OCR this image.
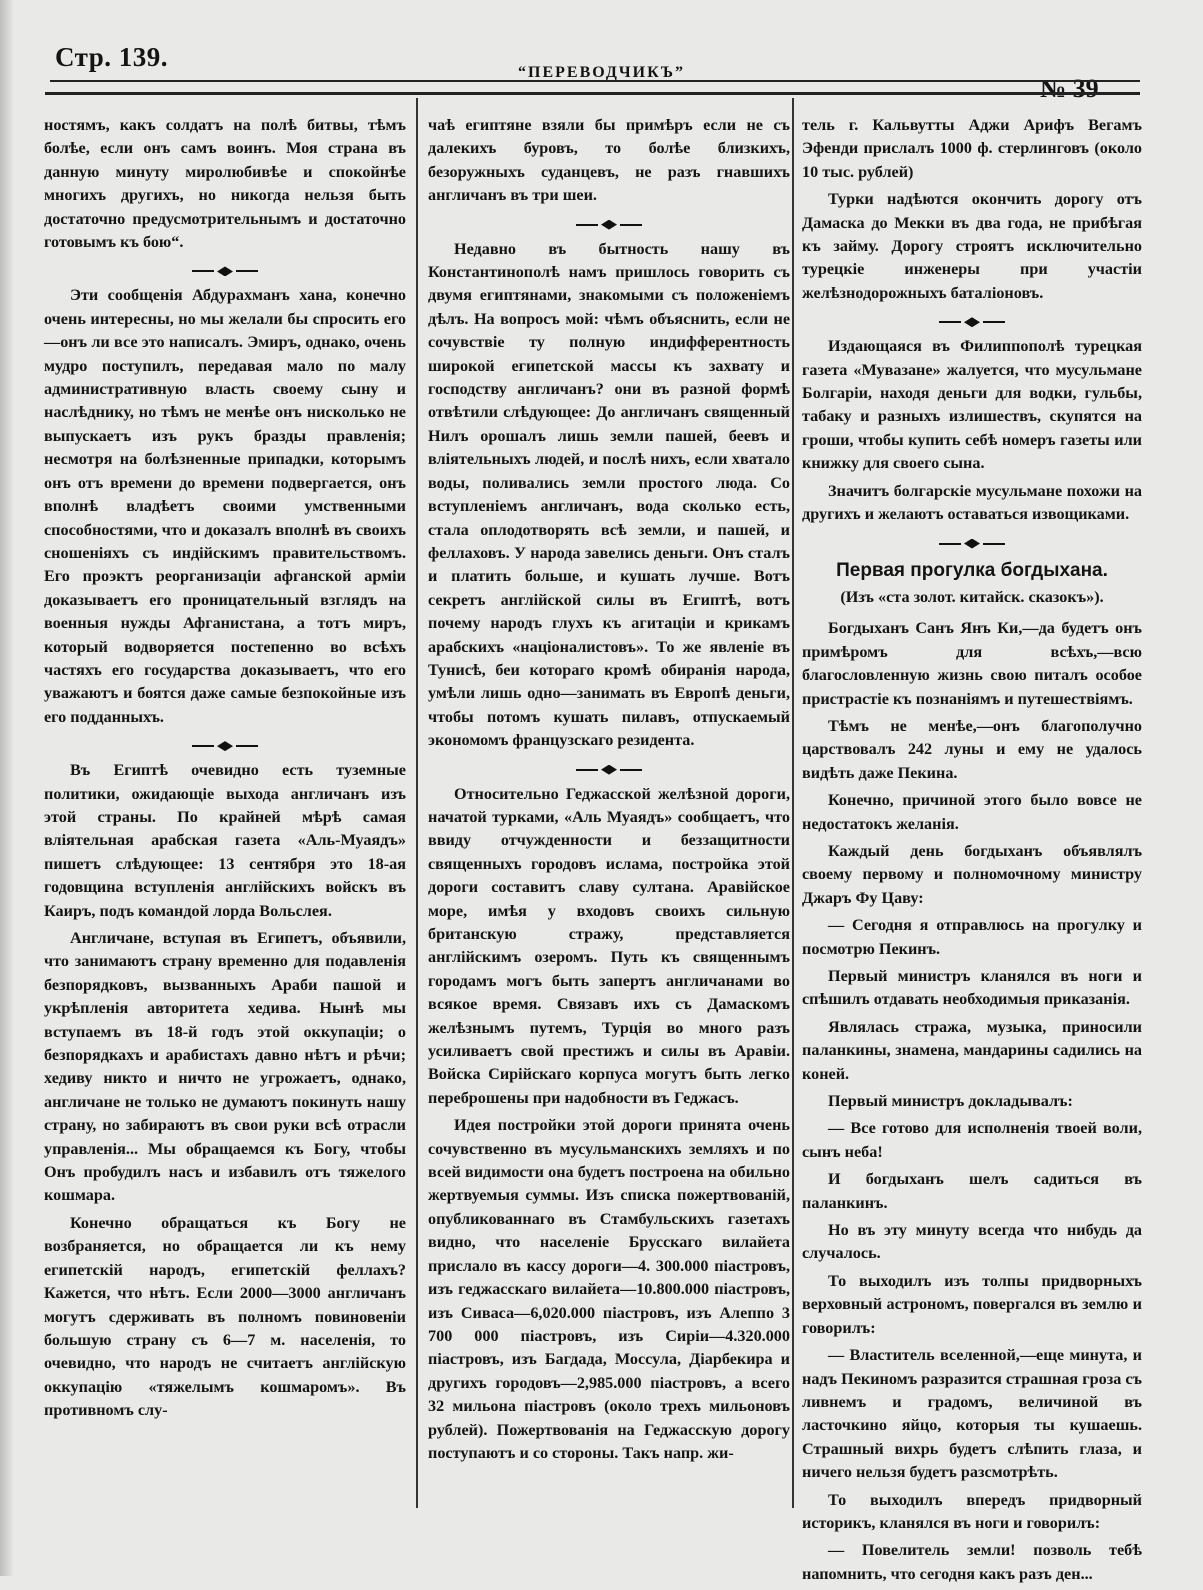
Стр. 139.
“ПЕРЕВОДЧИКЪ”
№ 39

ностямъ, какъ солдатъ на полѣ битвы, тѣмъ болѣе, если онъ самъ воинъ. Моя страна въ данную минуту миролюбивѣе и спокойнѣе многихъ другихъ, но никогда нельзя быть достаточно предусмотрительнымъ и достаточно готовымъ къ бою“.

Эти сообщенія Абдурахманъ хана, конечно очень интересны, но мы желали бы спросить его—онъ ли все это написалъ. Эмиръ, однако, очень мудро поступилъ, передавая мало по малу административную власть своему сыну и наслѣднику, но тѣмъ не менѣе онъ нисколько не выпускаетъ изъ рукъ бразды правленія; несмотря на болѣзненные припадки, которымъ онъ отъ времени до времени подвергается, онъ вполнѣ владѣетъ своими умственными способностями, что и доказалъ вполнѣ въ своихъ сношеніяхъ съ индійскимъ правительствомъ. Его проэктъ реорганизаціи афганской арміи доказываетъ его проницательный взглядъ на военныя нужды Афганистана, а тотъ миръ, который водворяется постепенно во всѣхъ частяхъ его государства доказываетъ, что его уважаютъ и боятся даже самые безпокойные изъ его подданныхъ.

Въ Египтѣ очевидно есть туземные политики, ожидающіе выхода англичанъ изъ этой страны. По крайней мѣрѣ самая вліятельная арабская газета «Аль-Муаядъ» пишетъ слѣдующее: 13 сентября это 18-ая годовщина вступленія англійскихъ войскъ въ Каиръ, подъ командой лорда Вольслея.

Англичане, вступая въ Египетъ, объявили, что занимаютъ страну временно для подавленія безпорядковъ, вызванныхъ Араби пашой и укрѣпленія авторитета хедива. Нынѣ мы вступаемъ въ 18-й годъ этой оккупаціи; о безпорядкахъ и арабистахъ давно нѣтъ и рѣчи; хедиву никто и ничто не угрожаетъ, однако, англичане не только не думаютъ покинуть нашу страну, но забираютъ въ свои руки всѣ отрасли управленія... Мы обращаемся къ Богу, чтобы Онъ пробудилъ насъ и избавилъ отъ тяжелого кошмара.

Конечно обращаться къ Богу не возбраняется, но обращается ли къ нему египетскій народъ, египетскій феллахъ? Кажется, что нѣтъ. Если 2000—3000 англичанъ могутъ сдерживать въ полномъ повиновеніи большую страну съ 6—7 м. населенія, то очевидно, что народъ не считаетъ англійскую оккупацію «тяжелымъ кошмаромъ». Въ противномъ слу-

чаѣ египтяне взяли бы примѣръ если не съ далекихъ буровъ, то болѣе близкихъ, безоружныхъ суданцевъ, не разъ гнавшихъ англичанъ въ три шеи.

Недавно въ бытность нашу въ Константинополѣ намъ пришлось говорить съ двумя египтянами, знакомыми съ положеніемъ дѣлъ. На вопросъ мой: чѣмъ объяснить, если не сочувствіе ту полную индифферентность широкой египетской массы къ захвату и господству англичанъ? они въ разной формѣ отвѣтили слѣдующее: До англичанъ священный Нилъ орошалъ лишь земли пашей, беевъ и вліятельныхъ людей, и послѣ нихъ, если хватало воды, поливались земли простого люда. Со вступленіемъ англичанъ, вода сколько есть, стала оплодотворять всѣ земли, и пашей, и феллаховъ. У народа завелись деньги. Онъ сталъ и платить больше, и кушать лучше. Вотъ секретъ англійской силы въ Египтѣ, вотъ почему народъ глухъ къ агитаціи и крикамъ арабскихъ «націоналистовъ». То же явленіе въ Тунисѣ, беи котораго кромѣ обиранія народа, умѣли лишь одно—занимать въ Европѣ деньги, чтобы потомъ кушать пилавъ, отпускаемый экономомъ французскаго резидента.

Относительно Геджасской желѣзной дороги, начатой турками, «Аль Муаядъ» сообщаетъ, что ввиду отчужденности и беззащитности священныхъ городовъ ислама, постройка этой дороги составитъ славу султана. Аравійское море, имѣя у входовъ своихъ сильную британскую стражу, представляется англійскимъ озеромъ. Путь къ священнымъ городамъ могъ быть запертъ англичанами во всякое время. Связавъ ихъ съ Дамаскомъ желѣзнымъ путемъ, Турція во много разъ усиливаетъ свой престижъ и силы въ Аравіи. Войска Сирійскаго корпуса могутъ быть легко переброшены при надобности въ Геджасъ.

Идея постройки этой дороги принята очень сочувственно въ мусульманскихъ земляхъ и по всей видимости она будетъ построена на обильно жертвуемыя суммы. Изъ списка пожертвованій, опубликованнаго въ Стамбульскихъ газетахъ видно, что населеніе Брусскаго вилайета прислало въ кассу дороги—4. 300.000 піастровъ, изъ геджасскаго вилайета—10.800.000 піастровъ, изъ Сиваса—6,020.000 піастровъ, изъ Алеппо 3 700 000 піастровъ, изъ Сиріи—4.320.000 піастровъ, изъ Багдада, Моссула, Діарбекира и другихъ городовъ—2,985.000 піастровъ, а всего 32 мильона піастровъ (около трехъ мильоновъ рублей). Пожертвованія на Геджасскую дорогу поступаютъ и со стороны. Такъ напр. жи-

тель г. Кальвутты Аджи Арифъ Вегамъ Эфенди прислалъ 1000 ф. стерлинговъ (около 10 тыс. рублей)

Турки надѣются окончить дорогу отъ Дамаска до Мекки въ два года, не прибѣгая къ займу. Дорогу строятъ исключительно турецкіе инженеры при участіи желѣзнодорожныхъ баталіоновъ.

Издающаяся въ Филиппополѣ турецкая газета «Мувазане» жалуется, что мусульмане Болгаріи, находя деньги для водки, гульбы, табаку и разныхъ излишествъ, скупятся на гроши, чтобы купить себѣ номеръ газеты или книжку для своего сына.

Значитъ болгарскіе мусульмане похожи на другихъ и желаютъ оставаться извощиками.

Первая прогулка богдыхана.
(Изъ «ста золот. китайск. сказокъ»).

Богдыханъ Санъ Янъ Ки,—да будетъ онъ примѣромъ для всѣхъ,—всю благословленную жизнь свою питалъ особое пристрастіе къ познаніямъ и путешествіямъ.

Тѣмъ не менѣе,—онъ благополучно царствовалъ 242 луны и ему не удалось видѣть даже Пекина.

Конечно, причиной этого было вовсе не недостатокъ желанія.

Каждый день богдыханъ объявлялъ своему первому и полномочному министру Джаръ Фу Цаву:

— Сегодня я отправлюсь на прогулку и посмотрю Пекинъ.

Первый министръ кланялся въ ноги и спѣшилъ отдавать необходимыя приказанія.

Являлась стража, музыка, приносили паланкины, знамена, мандарины садились на коней.

Первый министръ докладывалъ:

— Все готово для исполненія твоей воли, сынъ неба!

И богдыханъ шелъ садиться въ паланкинъ.

Но въ эту минуту всегда что нибудь да случалось.

То выходилъ изъ толпы придворныхъ верховный астрономъ, повергался въ землю и говорилъ:

— Властитель вселенной,—еще минута, и надъ Пекиномъ разразится страшная гроза съ ливнемъ и градомъ, величиной въ ласточкино яйцо, которыя ты кушаешь. Страшный вихрь будетъ слѣпить глаза, и ничего нельзя будетъ разсмотрѣть.

То выходилъ впередъ придворный историкъ, кланялся въ ноги и говорилъ:

— Повелитель земли! позволь тебѣ напомнить, что сегодня какъ разъ ден...
